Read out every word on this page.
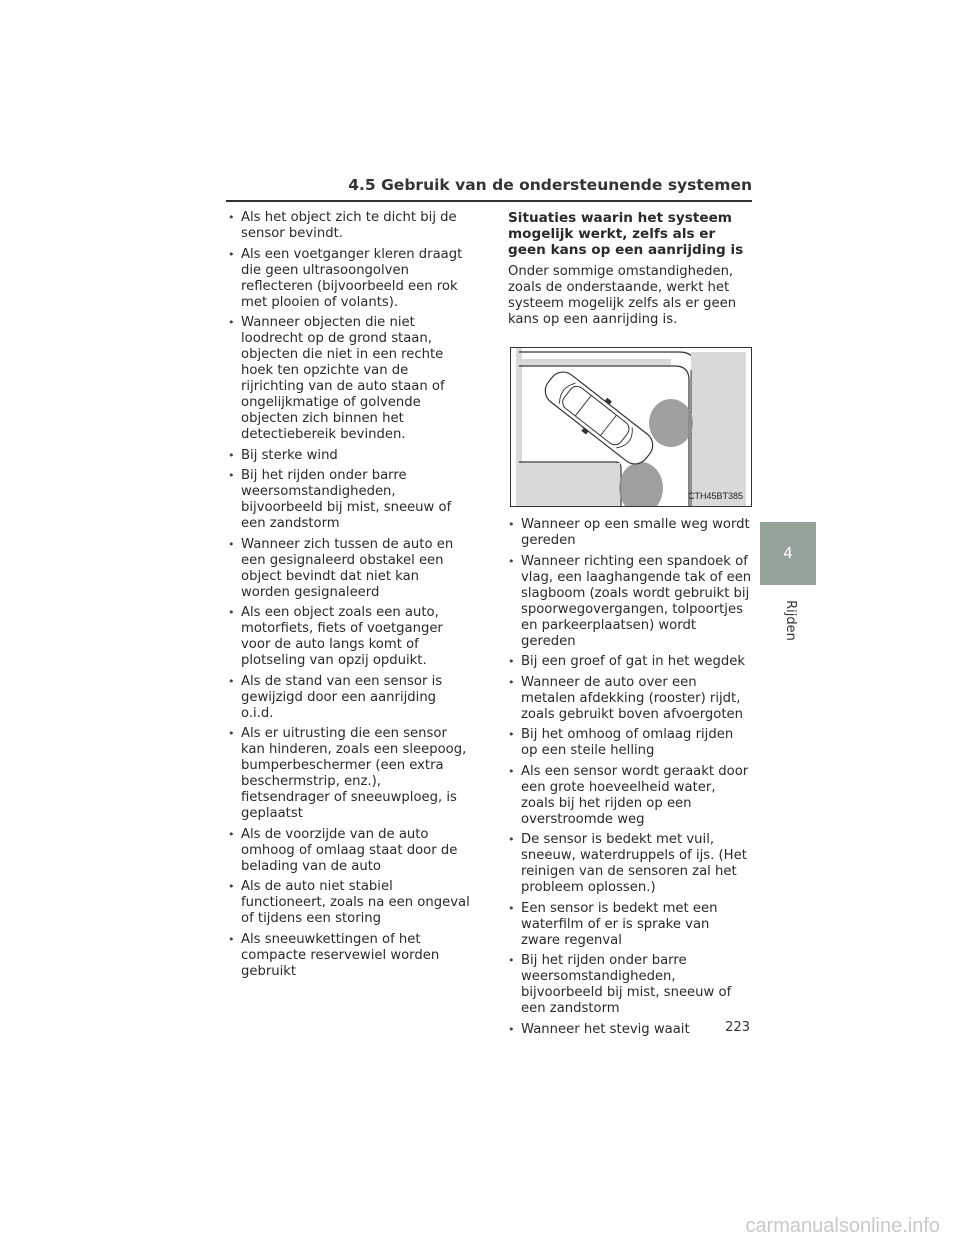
4.5 Gebruik van de ondersteunende systemen
• Als het object zich te dicht bij de sensor bevindt.
• Als een voetganger kleren draagt die geen ultrasoongolven reflecteren (bijvoorbeeld een rok met plooien of volants).
• Wanneer objecten die niet loodrecht op de grond staan, objecten die niet in een rechte hoek ten opzichte van de rijrichting van de auto staan of ongelijkmatige of golvende objecten zich binnen het detectiebereik bevinden.
• Bij sterke wind
• Bij het rijden onder barre weersomstandigheden, bijvoorbeeld bij mist, sneeuw of een zandstorm
• Wanneer zich tussen de auto en een gesignaleerd obstakel een object bevindt dat niet kan worden gesignaleerd
• Als een object zoals een auto, motorfiets, fiets of voetganger voor de auto langs komt of plotseling van opzij opduikt.
• Als de stand van een sensor is gewijzigd door een aanrijding o.i.d.
• Als er uitrusting die een sensor kan hinderen, zoals een sleepoog, bumperbeschermer (een extra beschermstrip, enz.), fietsendrager of sneeuwploeg, is geplaatst
• Als de voorzijde van de auto omhoog of omlaag staat door de belading van de auto
• Als de auto niet stabiel functioneert, zoals na een ongeval of tijdens een storing
• Als sneeuwkettingen of het compacte reservewiel worden gebruikt

Situaties waarin het systeem mogelijk werkt, zelfs als er geen kans op een aanrijding is

Onder sommige omstandigheden, zoals de onderstaande, werkt het systeem mogelijk zelfs als er geen kans op een aanrijding is.

CTH45BT385
• Wanneer op een smalle weg wordt gereden
• Wanneer richting een spandoek of vlag, een laaghangende tak of een slagboom (zoals wordt gebruikt bij spoorwegovergangen, tolpoortjes en parkeerplaatsen) wordt gereden
• Bij een groef of gat in het wegdek
• Wanneer de auto over een metalen afdekking (rooster) rijdt, zoals gebruikt boven afvoergoten
• Bij het omhoog of omlaag rijden op een steile helling
• Als een sensor wordt geraakt door een grote hoeveelheid water, zoals bij het rijden op een overstroomde weg
• De sensor is bedekt met vuil, sneeuw, waterdruppels of ijs. (Het reinigen van de sensoren zal het probleem oplossen.)
• Een sensor is bedekt met een waterfilm of er is sprake van zware regenval
• Bij het rijden onder barre weersomstandigheden, bijvoorbeeld bij mist, sneeuw of een zandstorm
• Wanneer het stevig waait
4
Rijden
223
carmanualsonline.info
